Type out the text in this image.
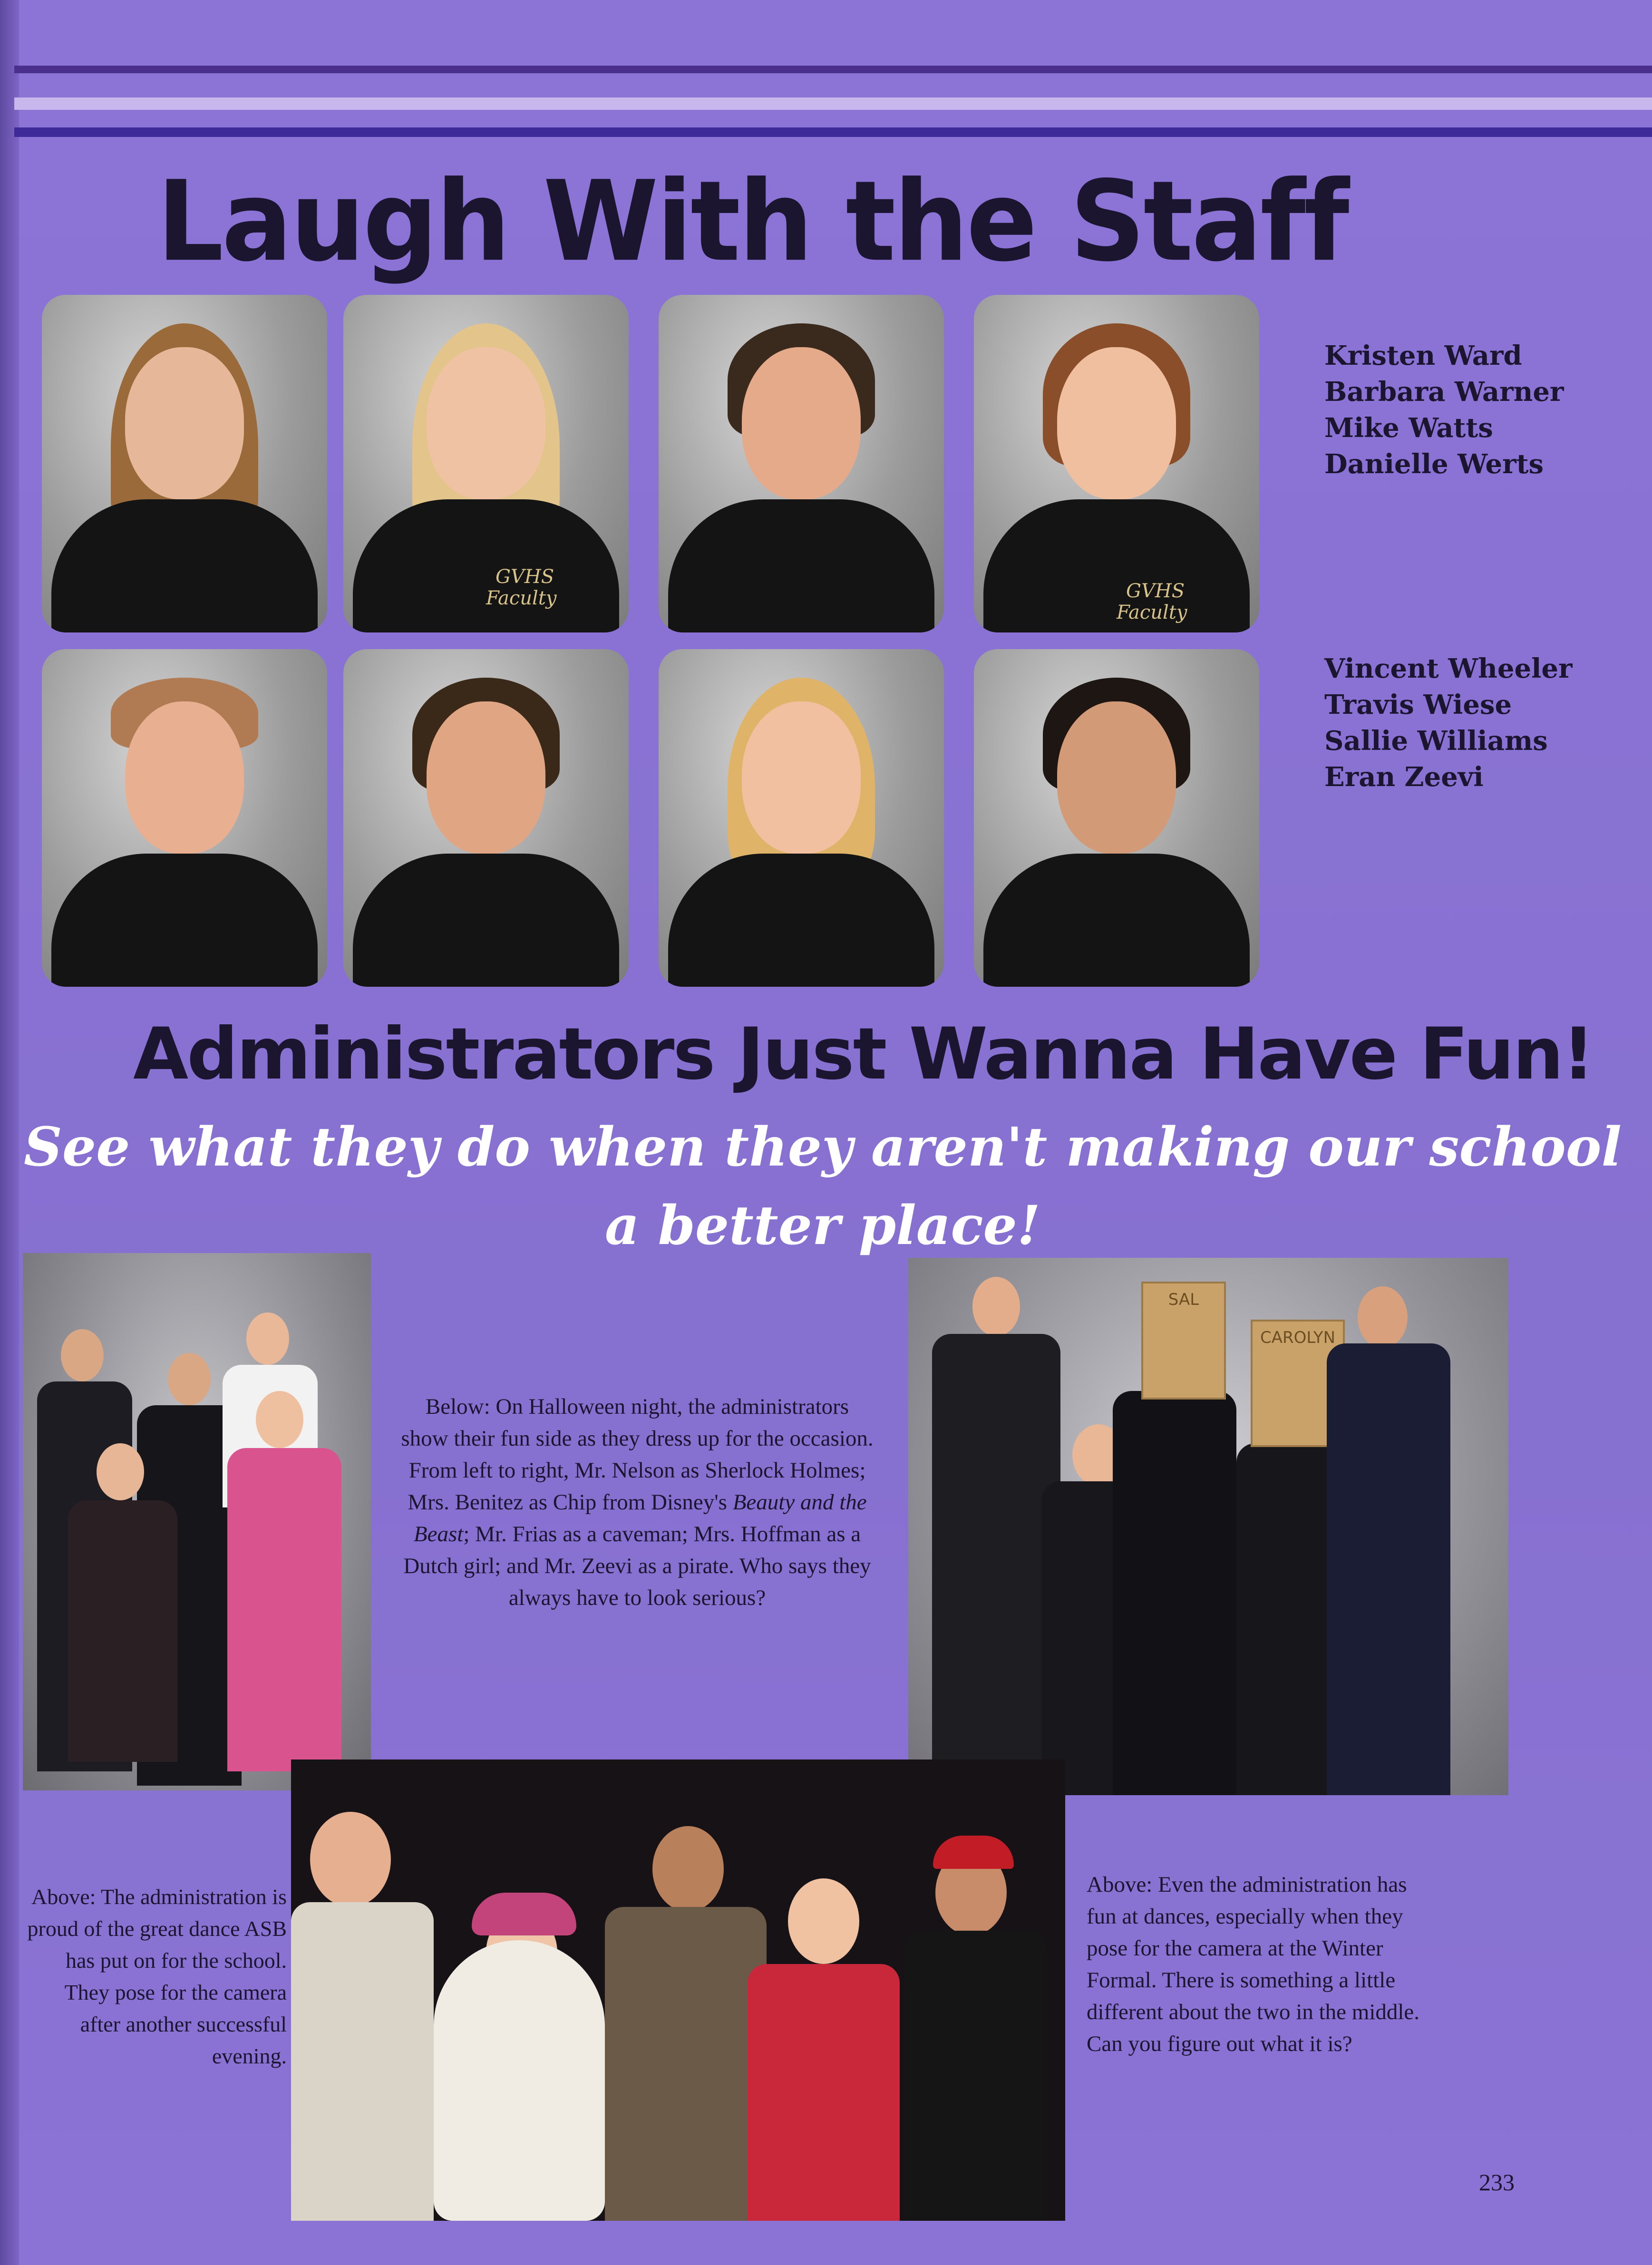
Laugh With the Staff
GVHS
Faculty	GVHS
Faculty
Kristen Ward
Barbara Warner
Mike Watts
Danielle Werts
Vincent Wheeler
Travis Wiese
Sallie Williams
Eran Zeevi
Administrators Just Wanna Have Fun!

See what they do when they aren't making our school
a better place!

Below: On Halloween night, the administrators show their fun side as they dress up for the occasion. From left to right, Mr. Nelson as Sherlock Holmes; Mrs. Benitez as Chip from Disney's Beauty and the Beast; Mr. Frias as a caveman; Mrs. Hoffman as a Dutch girl; and Mr. Zeevi as a pirate. Who says they always have to look serious?

SAL
CAROLYN

Above: The administration is proud of the great dance ASB has put on for the school. They pose for the camera after another successful evening.

Above: Even the administration has fun at dances, especially when they pose for the camera at the Winter Formal. There is something a little different about the two in the middle. Can you figure out what it is?

233
